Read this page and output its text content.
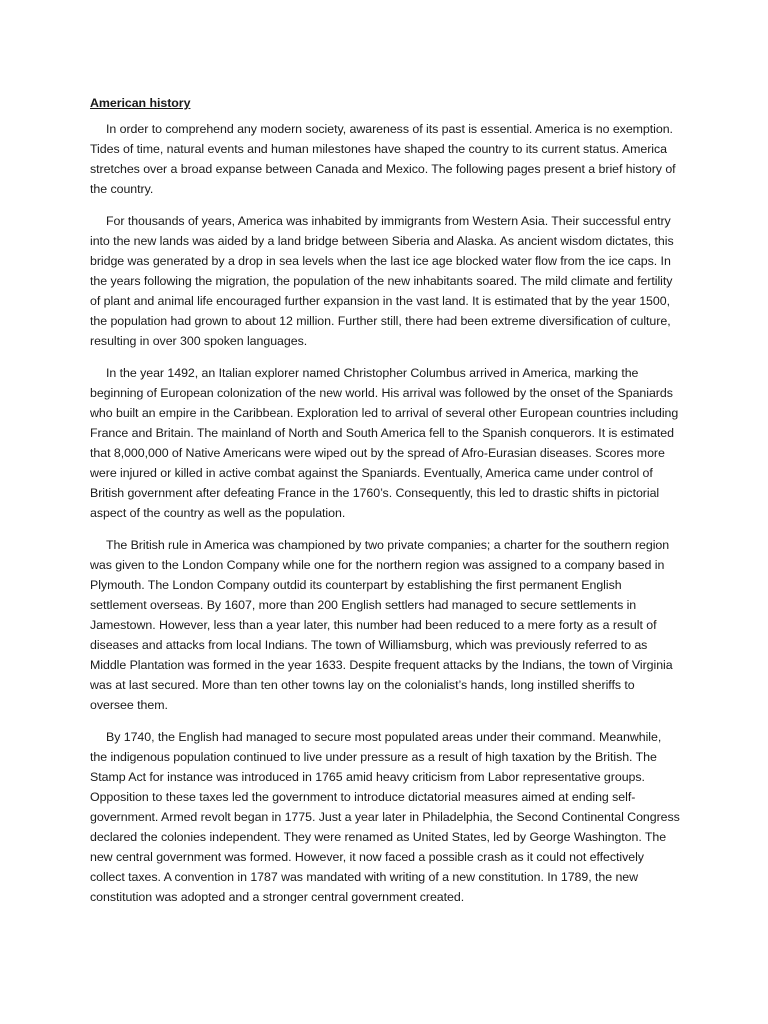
American history

In order to comprehend any modern society, awareness of its past is essential. America is no exemption. Tides of time, natural events and human milestones have shaped the country to its current status. America stretches over a broad expanse between Canada and Mexico. The following pages present a brief history of the country.

For thousands of years, America was inhabited by immigrants from Western Asia. Their successful entry into the new lands was aided by a land bridge between Siberia and Alaska. As ancient wisdom dictates, this bridge was generated by a drop in sea levels when the last ice age blocked water flow from the ice caps. In the years following the migration, the population of the new inhabitants soared. The mild climate and fertility of plant and animal life encouraged further expansion in the vast land. It is estimated that by the year 1500, the population had grown to about 12 million. Further still, there had been extreme diversification of culture, resulting in over 300 spoken languages.

In the year 1492, an Italian explorer named Christopher Columbus arrived in America, marking the beginning of European colonization of the new world. His arrival was followed by the onset of the Spaniards who built an empire in the Caribbean. Exploration led to arrival of several other European countries including France and Britain. The mainland of North and South America fell to the Spanish conquerors. It is estimated that 8,000,000 of Native Americans were wiped out by the spread of Afro-Eurasian diseases. Scores more were injured or killed in active combat against the Spaniards. Eventually, America came under control of British government after defeating France in the 1760’s. Consequently, this led to drastic shifts in pictorial aspect of the country as well as the population.

The British rule in America was championed by two private companies; a charter for the southern region was given to the London Company while one for the northern region was assigned to a company based in Plymouth. The London Company outdid its counterpart by establishing the first permanent English settlement overseas. By 1607, more than 200 English settlers had managed to secure settlements in Jamestown. However, less than a year later, this number had been reduced to a mere forty as a result of diseases and attacks from local Indians. The town of Williamsburg, which was previously referred to as Middle Plantation was formed in the year 1633. Despite frequent attacks by the Indians, the town of Virginia was at last secured. More than ten other towns lay on the colonialist’s hands, long instilled sheriffs to oversee them.

By 1740, the English had managed to secure most populated areas under their command. Meanwhile, the indigenous population continued to live under pressure as a result of high taxation by the British. The Stamp Act for instance was introduced in 1765 amid heavy criticism from Labor representative groups. Opposition to these taxes led the government to introduce dictatorial measures aimed at ending self-government. Armed revolt began in 1775. Just a year later in Philadelphia, the Second Continental Congress declared the colonies independent. They were renamed as United States, led by George Washington. The new central government was formed. However, it now faced a possible crash as it could not effectively collect taxes. A convention in 1787 was mandated with writing of a new constitution. In 1789, the new constitution was adopted and a stronger central government created.
